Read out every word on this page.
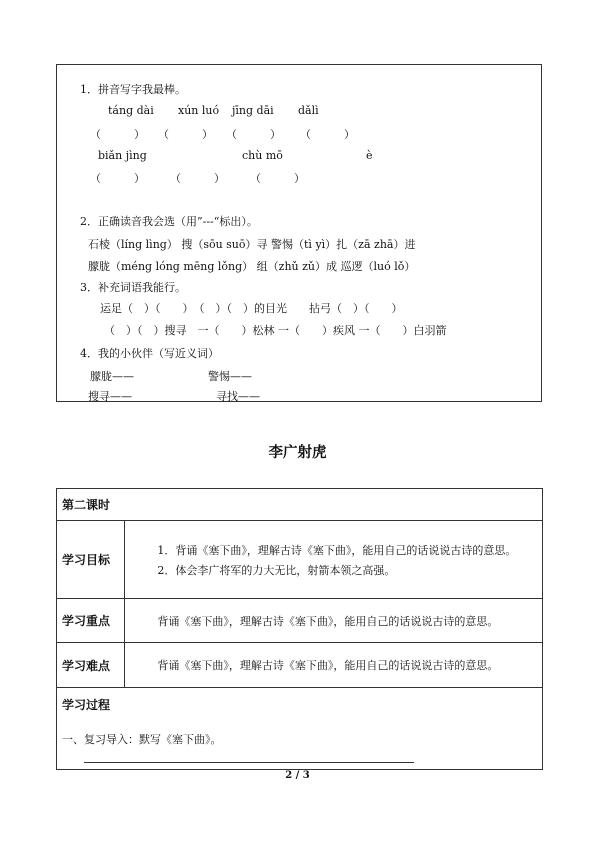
1．拼音写字我最棒。
táng dài xún luó jīng dāi dǎlì
（　　　） （　　　） （　　　） （　　　）
biǎn jìng	chù mō	è
（　　　） （　　　） （　　　）
2．正确读音我会选（用”---“标出）。
石棱（líng lìng） 搜（sōu suō）寻 警惕（tì yì）扎（zā zhā）进
朦胧（méng lóng mēng lǒng） 组（zhǔ zǔ）成 巡逻（luó lǒ）
3．补充词语我能行。
运足（　）（　　）　（　）（　）的目光　　拈弓（　）（　　）
（　）（　）搜寻　一（　　）松林 一（　　）疾风 一（　　）白羽箭
4．我的小伙伴（写近义词）
朦胧——	警惕——
搜寻——	寻找——
李广射虎
第二课时	
学习目标	1．背诵《塞下曲》，理解古诗《塞下曲》，能用自己的话说说古诗的意思。
2．体会李广将军的力大无比，射箭本领之高强。

学习重点	背诵《塞下曲》，理解古诗《塞下曲》，能用自己的话说说古诗的意思。
学习难点	背诵《塞下曲》，理解古诗《塞下曲》，能用自己的话说说古诗的意思。

学习过程
一、复习导入：默写《塞下曲》。	
2 / 3
